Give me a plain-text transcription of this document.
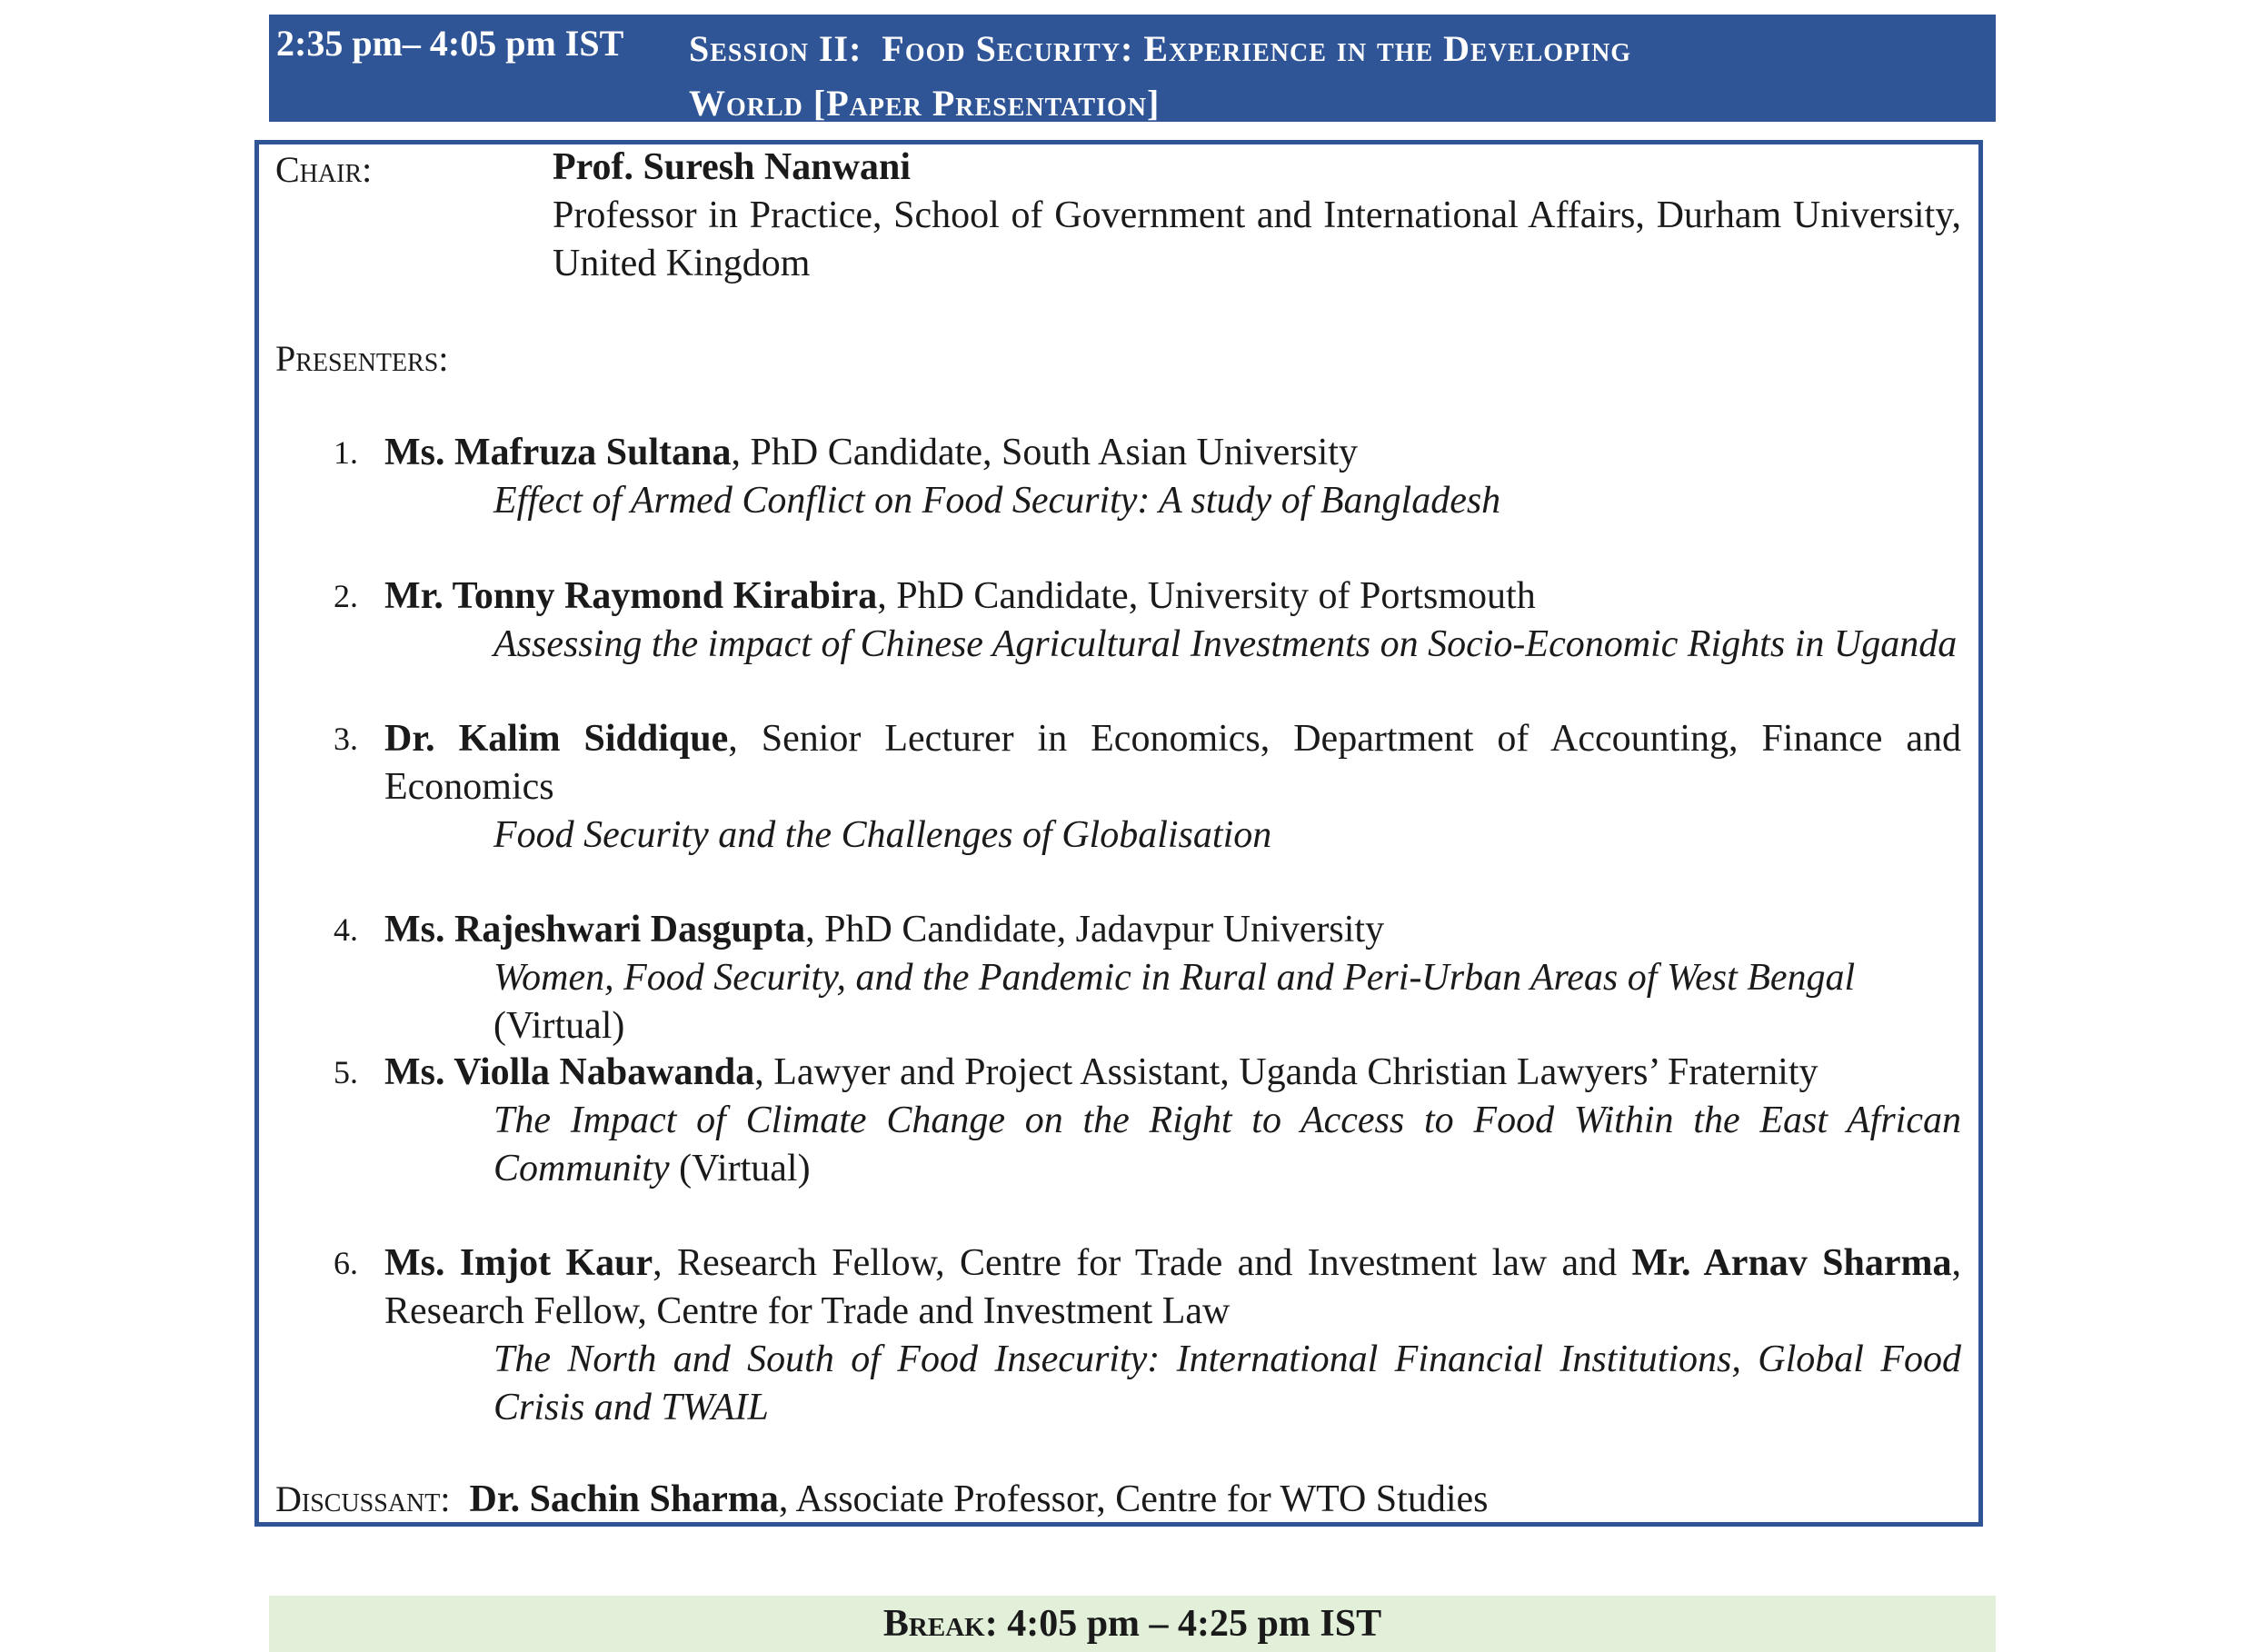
2:35 pm– 4:05 pm IST Session II:  Food Security: Experience in the Developing
World [Paper Presentation]
Chair:	Prof. Suresh Nanwani
Professor in Practice, School of Government and International Affairs, Durham University, United Kingdom
Presenters:
1. Ms. Mafruza Sultana, PhD Candidate, South Asian University
Effect of Armed Conflict on Food Security: A study of Bangladesh
2. Mr. Tonny Raymond Kirabira, PhD Candidate, University of Portsmouth
Assessing the impact of Chinese Agricultural Investments on Socio-Economic Rights in Uganda
3. Dr. Kalim Siddique, Senior Lecturer in Economics, Department of Accounting, Finance and Economics
Food Security and the Challenges of Globalisation
4. Ms. Rajeshwari Dasgupta, PhD Candidate, Jadavpur University
Women, Food Security, and the Pandemic in Rural and Peri-Urban Areas of West Bengal (Virtual)
5. Ms. Violla Nabawanda, Lawyer and Project Assistant, Uganda Christian Lawyers’ Fraternity
The Impact of Climate Change on the Right to Access to Food Within the East African Community (Virtual)
6. Ms. Imjot Kaur, Research Fellow, Centre for Trade and Investment law and Mr. Arnav Sharma, Research Fellow, Centre for Trade and Investment Law
The North and South of Food Insecurity: International Financial Institutions, Global Food Crisis and TWAIL
Discussant: Dr. Sachin Sharma, Associate Professor, Centre for WTO Studies
Break: 4:05 pm – 4:25 pm IST
